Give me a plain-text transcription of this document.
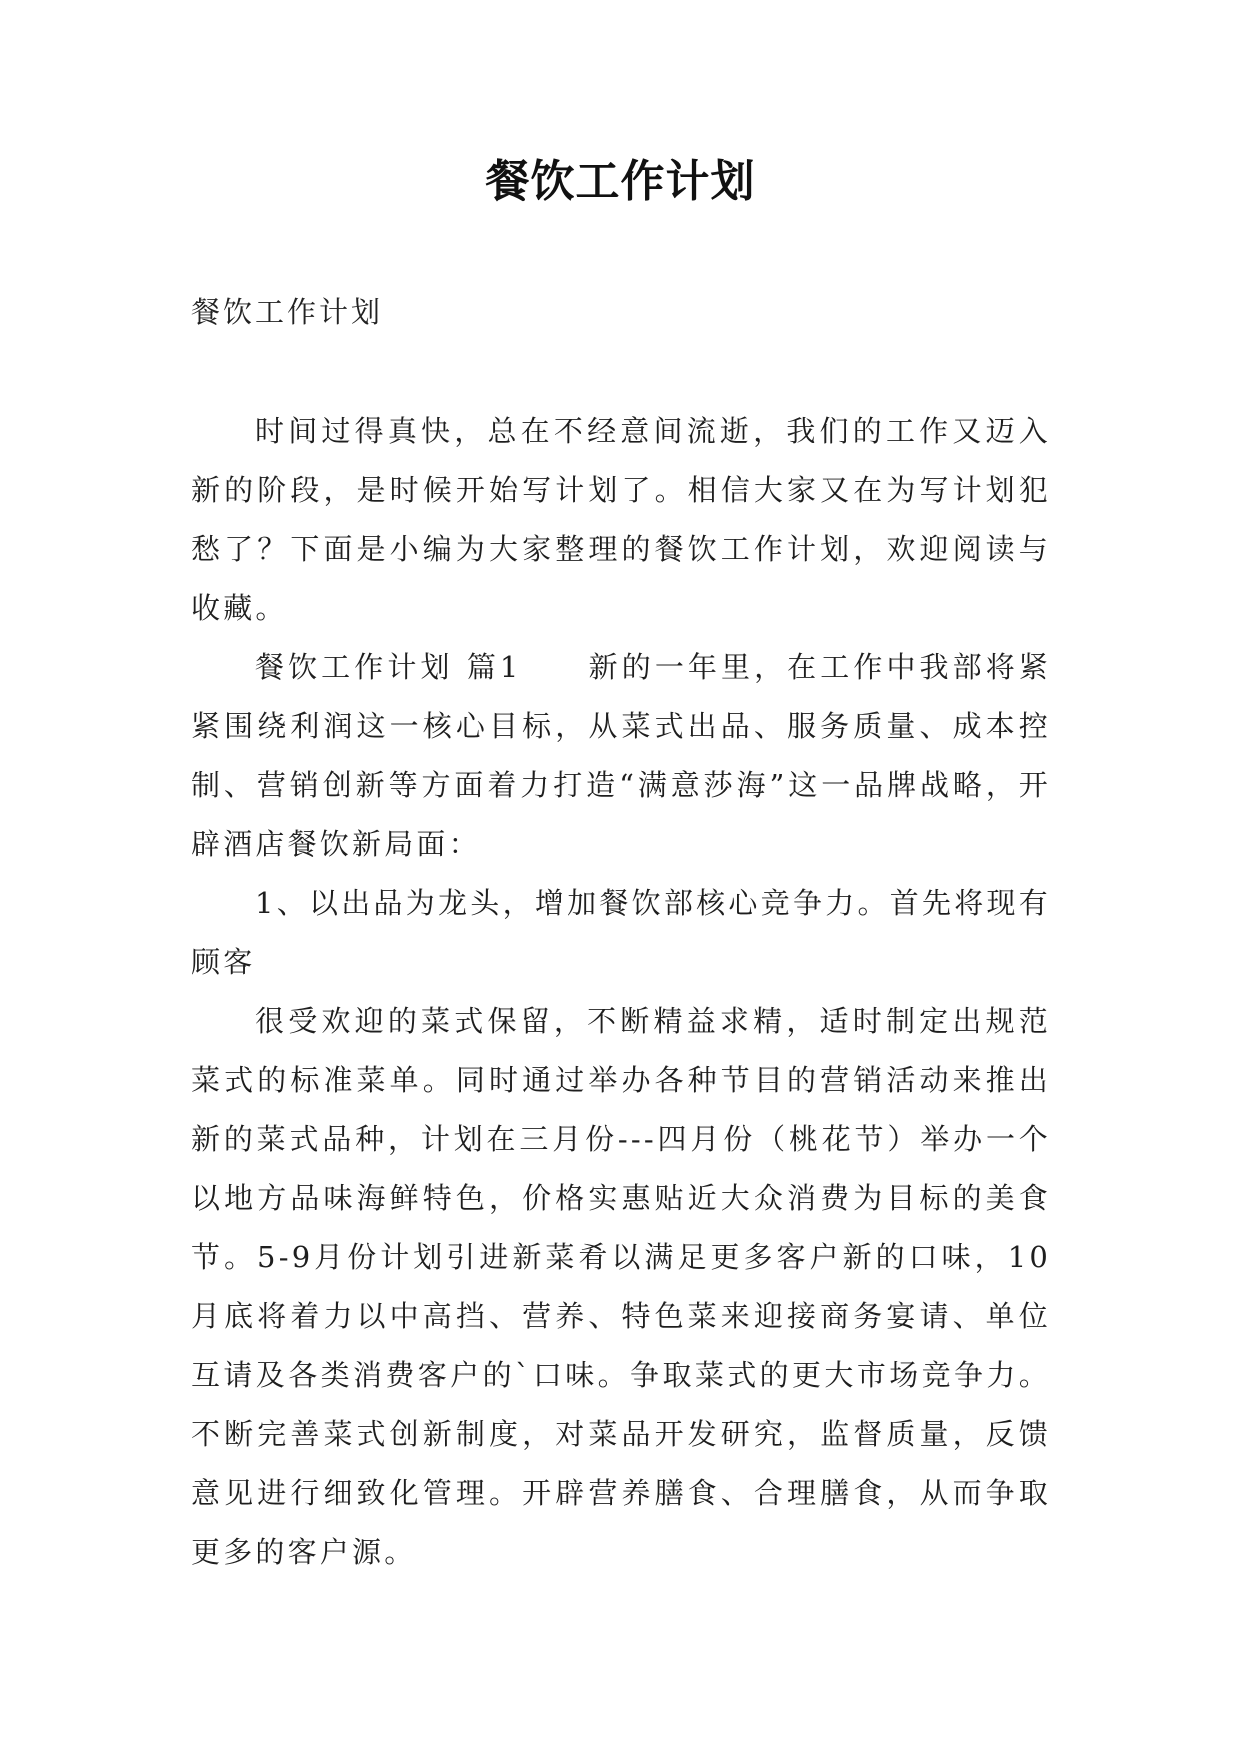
餐饮工作计划
餐饮工作计划

时间过得真快，总在不经意间流逝，我们的工作又迈入新的阶段，是时候开始写计划了。相信大家又在为写计划犯愁了？下面是小编为大家整理的餐饮工作计划，欢迎阅读与收藏。

餐饮工作计划 篇1　　新的一年里，在工作中我部将紧紧围绕利润这一核心目标，从菜式出品、服务质量、成本控制、营销创新等方面着力打造“满意莎海”这一品牌战略，开辟酒店餐饮新局面：

1、以出品为龙头，增加餐饮部核心竞争力。首先将现有顾客

很受欢迎的菜式保留，不断精益求精，适时制定出规范菜式的标准菜单。同时通过举办各种节目的营销活动来推出新的菜式品种，计划在三月份---四月份（桃花节）举办一个以地方品味海鲜特色，价格实惠贴近大众消费为目标的美食节。5-9月份计划引进新菜肴以满足更多客户新的口味，10月底将着力以中高挡、营养、特色菜来迎接商务宴请、单位互请及各类消费客户的`口味。争取菜式的更大市场竞争力。不断完善菜式创新制度，对菜品开发研究，监督质量，反馈意见进行细致化管理。开辟营养膳食、合理膳食，从而争取更多的客户源。
